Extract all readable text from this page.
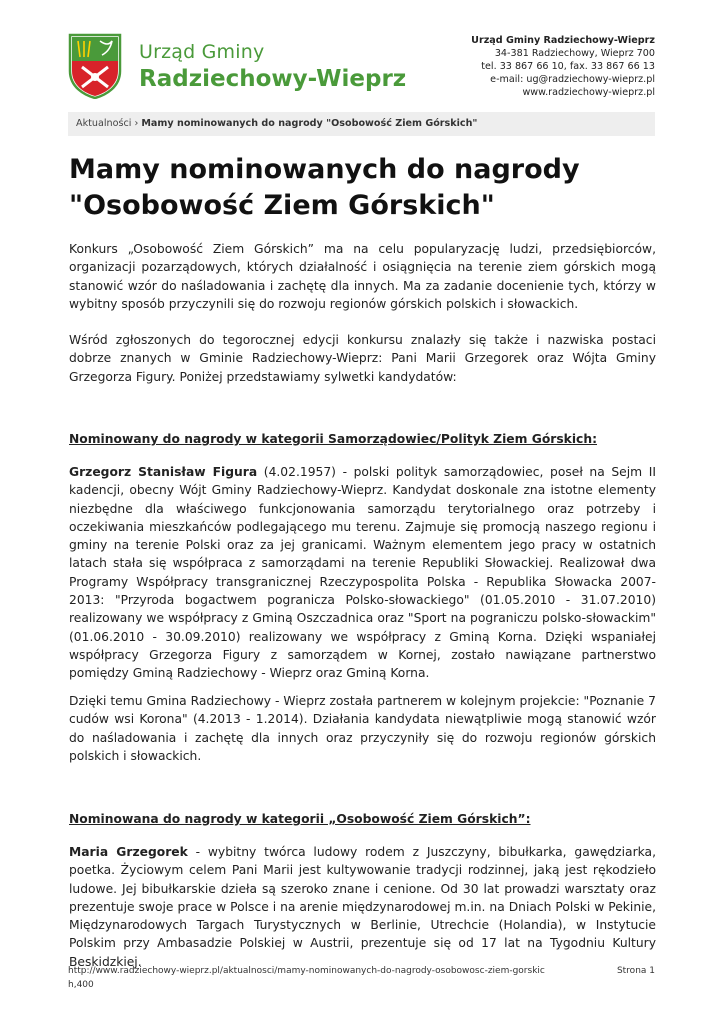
Urząd Gminy
Radziechowy-Wieprz
Urząd Gminy Radziechowy-Wieprz
34-381 Radziechowy, Wieprz 700
tel. 33 867 66 10, fax. 33 867 66 13
e-mail: ug@radziechowy-wieprz.pl
www.radziechowy-wieprz.pl
Aktualności › Mamy nominowanych do nagrody "Osobowość Ziem Górskich"
Mamy nominowanych do nagrody "Osobowość Ziem Górskich"

Konkurs „Osobowość Ziem Górskich” ma na celu popularyzację ludzi, przedsiębiorców, organizacji pozarządowych, których działalność i osiągnięcia na terenie ziem górskich mogą stanowić wzór do naśladowania i zachętę dla innych. Ma za zadanie docenienie tych, którzy w wybitny sposób przyczynili się do rozwoju regionów górskich polskich i słowackich.

Wśród zgłoszonych do tegorocznej edycji konkursu znalazły się także i nazwiska postaci dobrze znanych w Gminie Radziechowy-Wieprz: Pani Marii Grzegorek oraz Wójta Gminy Grzegorza Figury. Poniżej przedstawiamy sylwetki kandydatów:

Nominowany do nagrody w kategorii Samorządowiec/Polityk Ziem Górskich:

Grzegorz Stanisław Figura (4.02.1957) - polski polityk samorządowiec, poseł na Sejm II kadencji, obecny Wójt Gminy Radziechowy-Wieprz. Kandydat doskonale zna istotne elementy niezbędne dla właściwego funkcjonowania samorządu terytorialnego oraz potrzeby i oczekiwania mieszkańców podlegającego mu terenu. Zajmuje się promocją naszego regionu i gminy na terenie Polski oraz za jej granicami. Ważnym elementem jego pracy w ostatnich latach stała się współpraca z samorządami na terenie Republiki Słowackiej. Realizował dwa Programy Współpracy transgranicznej Rzeczypospolita Polska - Republika Słowacka 2007-2013: "Przyroda bogactwem pogranicza Polsko-słowackiego" (01.05.2010 - 31.07.2010) realizowany we współpracy z Gminą Oszczadnica oraz "Sport na pograniczu polsko-słowackim" (01.06.2010 - 30.09.2010) realizowany we współpracy z Gminą Korna. Dzięki wspaniałej współpracy Grzegorza Figury z samorządem w Kornej, zostało nawiązane partnerstwo pomiędzy Gminą Radziechowy - Wieprz oraz Gminą Korna.

Dzięki temu Gmina Radziechowy - Wieprz została partnerem w kolejnym projekcie: "Poznanie 7 cudów wsi Korona" (4.2013 - 1.2014). Działania kandydata niewątpliwie mogą stanowić wzór do naśladowania i zachętę dla innych oraz przyczyniły się do rozwoju regionów górskich polskich i słowackich.

Nominowana do nagrody w kategorii „Osobowość Ziem Górskich”:

Maria Grzegorek - wybitny twórca ludowy rodem z Juszczyny, bibułkarka, gawędziarka, poetka. Życiowym celem Pani Marii jest kultywowanie tradycji rodzinnej, jaką jest rękodzieło ludowe. Jej bibułkarskie dzieła są szeroko znane i cenione. Od 30 lat prowadzi warsztaty oraz prezentuje swoje prace w Polsce i na arenie międzynarodowej m.in. na Dniach Polski w Pekinie, Międzynarodowych Targach Turystycznych w Berlinie, Utrechcie (Holandia), w Instytucie Polskim przy Ambasadzie Polskiej w Austrii, prezentuje się od 17 lat na Tygodniu Kultury Beskidzkiej.

http://www.radziechowy-wieprz.pl/aktualnosci/mamy-nominowanych-do-nagrody-osobowosc-ziem-gorskic h,400
Strona 1
